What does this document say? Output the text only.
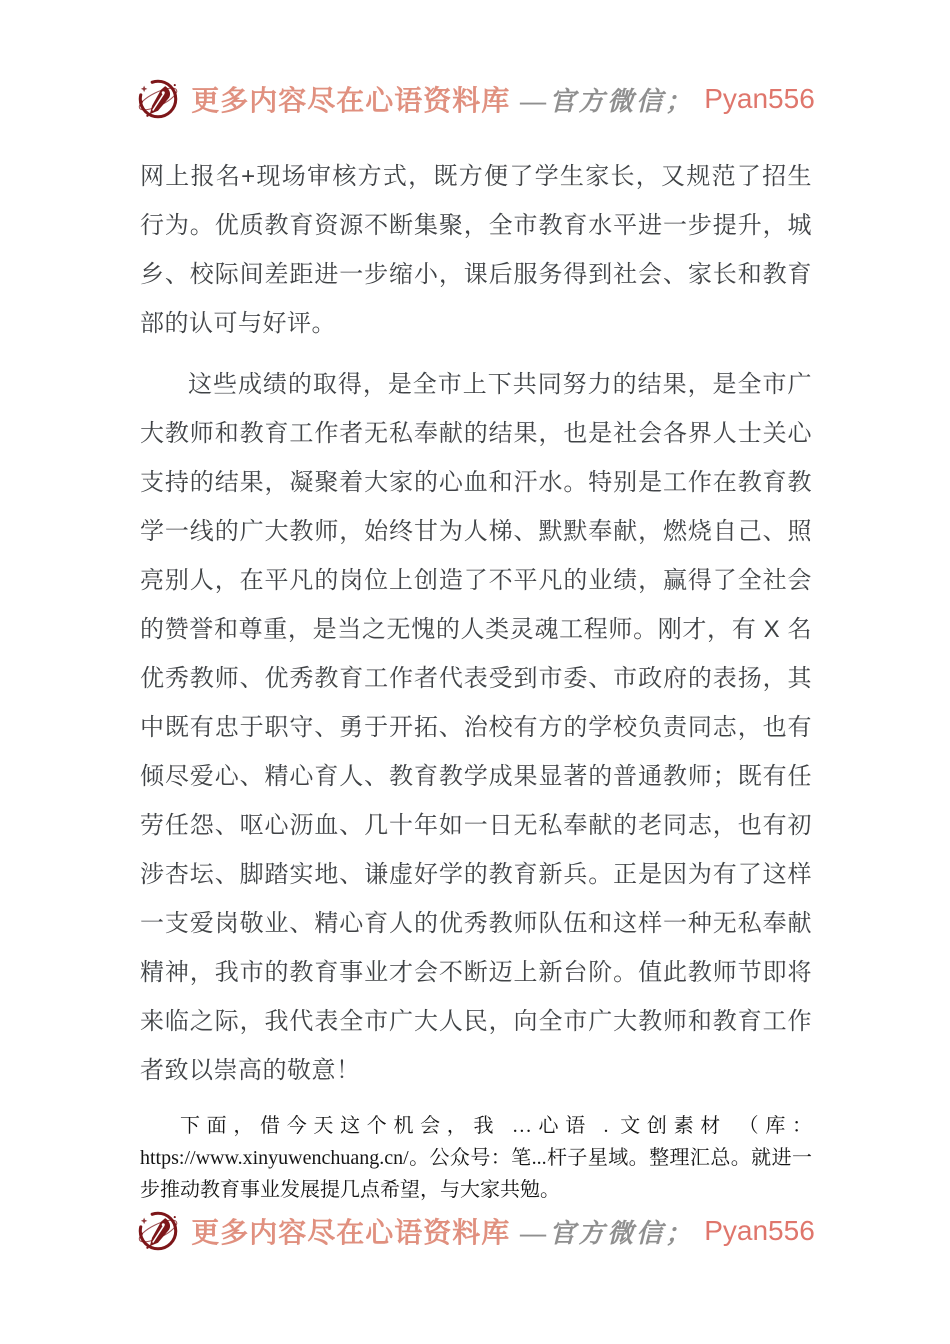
更多内容尽在心语资料库 —官方微信； Pyan556

网上报名+现场审核方式，既方便了学生家长，又规范了招生行为。优质教育资源不断集聚，全市教育水平进一步提升，城乡、校际间差距进一步缩小，课后服务得到社会、家长和教育部的认可与好评。

这些成绩的取得，是全市上下共同努力的结果，是全市广大教师和教育工作者无私奉献的结果，也是社会各界人士关心支持的结果，凝聚着大家的心血和汗水。特别是工作在教育教学一线的广大教师，始终甘为人梯、默默奉献，燃烧自己、照亮别人，在平凡的岗位上创造了不平凡的业绩，赢得了全社会的赞誉和尊重，是当之无愧的人类灵魂工程师。刚才，有 X 名优秀教师、优秀教育工作者代表受到市委、市政府的表扬，其中既有忠于职守、勇于开拓、治校有方的学校负责同志，也有倾尽爱心、精心育人、教育教学成果显著的普通教师；既有任劳任怨、呕心沥血、几十年如一日无私奉献的老同志，也有初涉杏坛、脚踏实地、谦虚好学的教育新兵。正是因为有了这样一支爱岗敬业、精心育人的优秀教师队伍和这样一种无私奉献精神，我市的教育事业才会不断迈上新台阶。值此教师节即将来临之际，我代表全市广大人民，向全市广大教师和教育工作者致以崇高的敬意！

下面，借今天这个机会，我 …心语 . 文创素材 （库： https://www.xinyuwenchuang.cn/。公众号：笔...杆子星域。整理汇总。就进一步推动教育事业发展提几点希望，与大家共勉。

更多内容尽在心语资料库 —官方微信； Pyan556
